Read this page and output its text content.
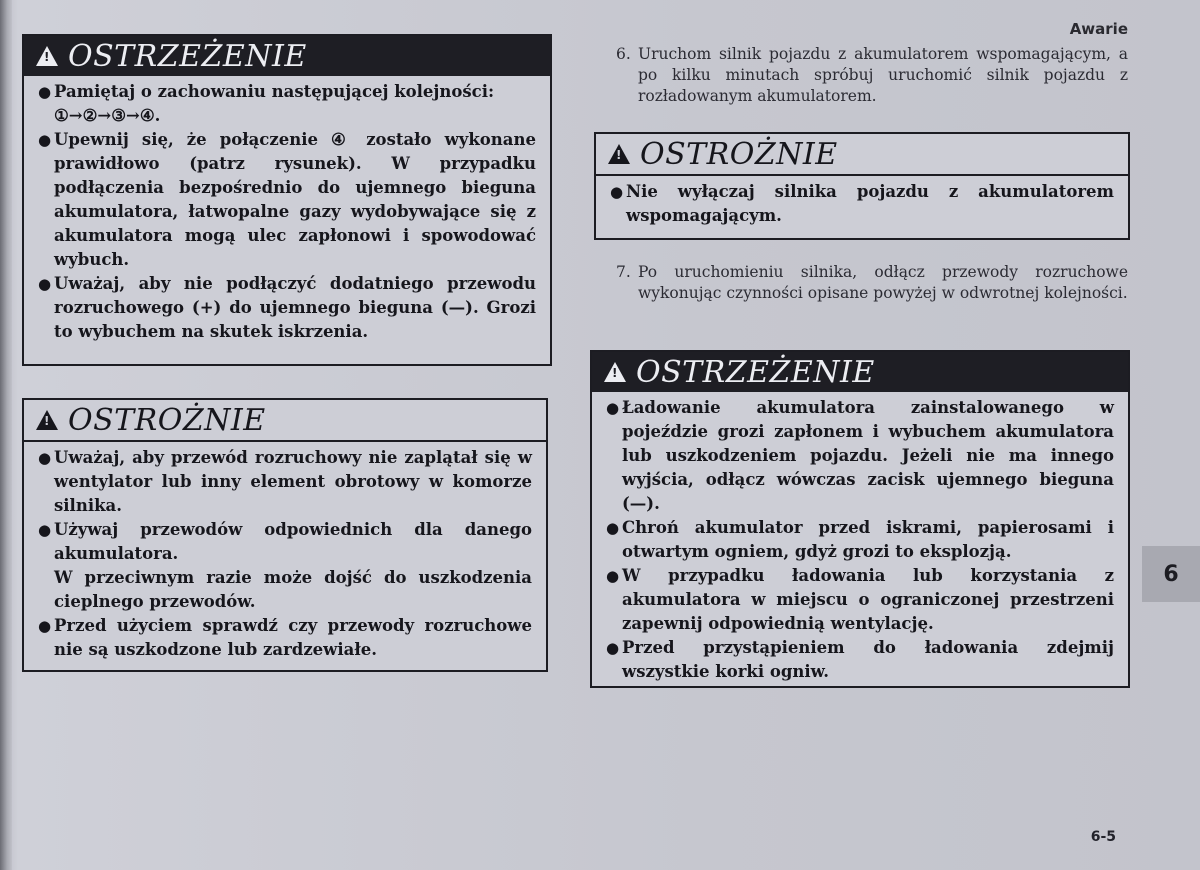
Awarie
!
OSTRZEŻENIE
● Pamiętaj o zachowaniu następującej kolejności:
①→②→③→④.
● Upewnij się, że połączenie ④ zostało wykonane prawidłowo (patrz rysunek). W przypadku podłączenia bezpośrednio do ujemnego bieguna akumulatora, łatwopalne gazy wydobywające się z akumulatora mogą ulec zapłonowi i spowodować wybuch.
● Uważaj, aby nie podłączyć dodatniego przewodu rozruchowego (+) do ujemnego bieguna (—). Grozi to wybuchem na skutek iskrzenia.
!
OSTROŻNIE
● Uważaj, aby przewód rozruchowy nie zaplątał się w wentylator lub inny element obrotowy w komorze silnika.
● Używaj przewodów odpowiednich dla danego akumulatora.
W przeciwnym razie może dojść do uszkodzenia cieplnego przewodów.
● Przed użyciem sprawdź czy przewody rozruchowe nie są uszkodzone lub zardzewiałe.
6. Uruchom silnik pojazdu z akumulatorem wspomagającym, a po kilku minutach spróbuj uruchomić silnik pojazdu z rozładowanym akumulatorem.
!
OSTROŻNIE
● Nie wyłączaj silnika pojazdu z akumulatorem wspomagającym.
7. Po uruchomieniu silnika, odłącz przewody rozruchowe wykonując czynności opisane powyżej w odwrotnej kolejności.
!
OSTRZEŻENIE
● Ładowanie akumulatora zainstalowanego w pojeździe grozi zapłonem i wybuchem akumulatora lub uszkodzeniem pojazdu. Jeżeli nie ma innego wyjścia, odłącz wówczas zacisk ujemnego bieguna (—).
● Chroń akumulator przed iskrami, papierosami i otwartym ogniem, gdyż grozi to eksplozją.
● W przypadku ładowania lub korzystania z akumulatora w miejscu o ograniczonej przestrzeni zapewnij odpowiednią wentylację.
● Przed przystąpieniem do ładowania zdejmij wszystkie korki ogniw.
6
6-5
